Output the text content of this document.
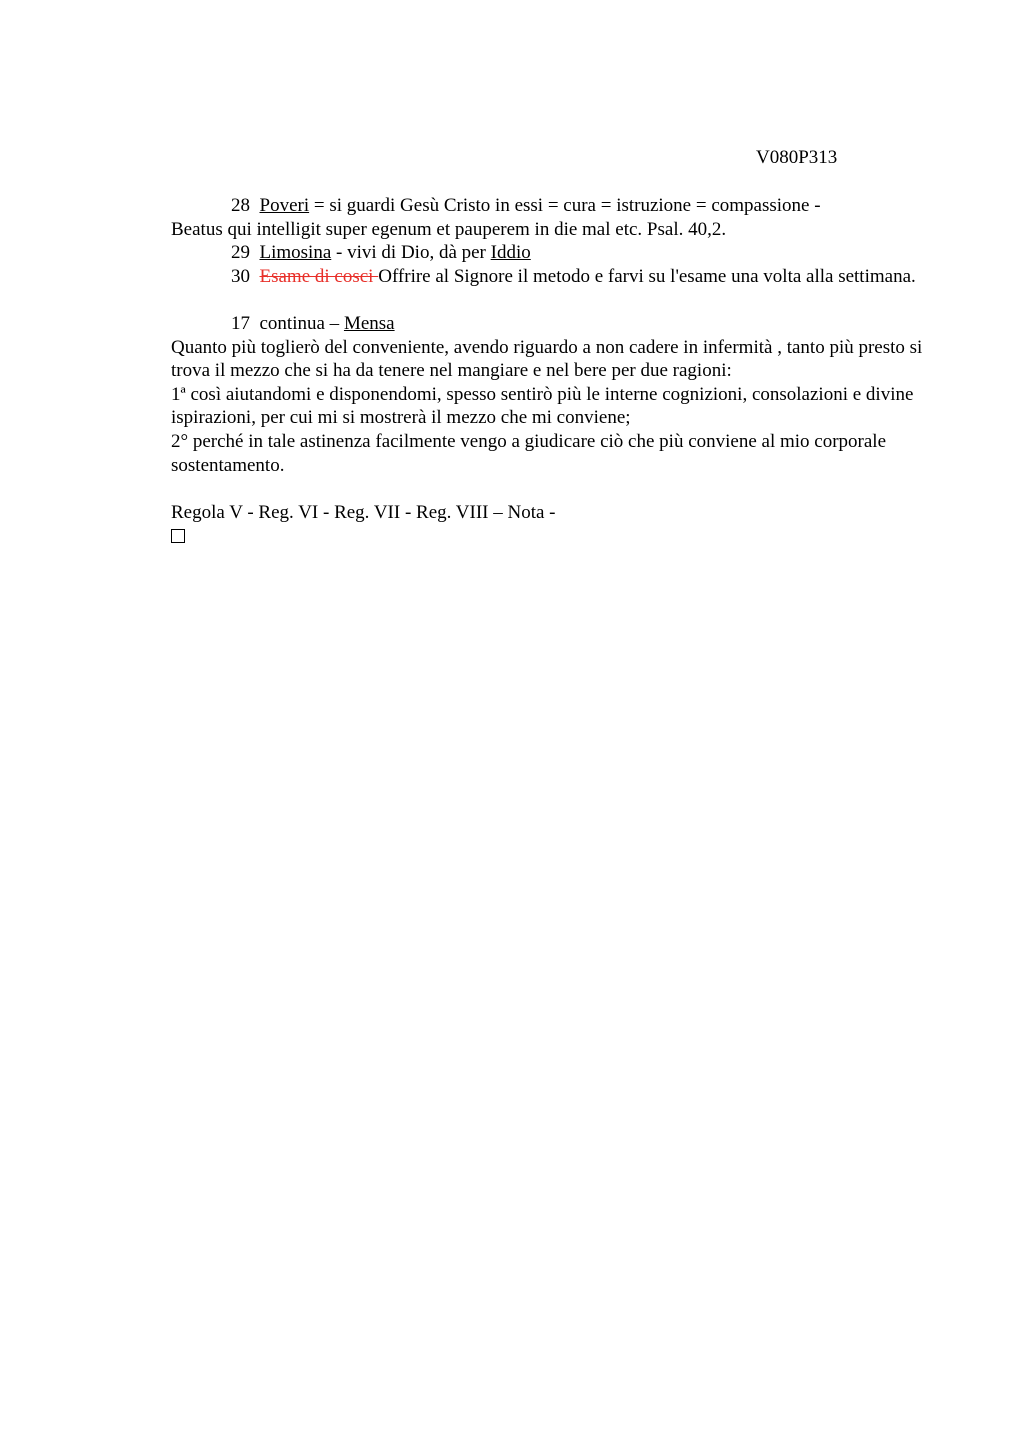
V080P313

28 Poveri = si guardi Gesù Cristo in essi = cura = istruzione = compassione -
Beatus qui intelligit super egenum et pauperem in die mal etc. Psal. 40,2.

29 Limosina - vivi di Dio, dà per Iddio

30 Esame di cosci Offrire al Signore il metodo e farvi su l'esame una volta alla settimana.

17 continua – Mensa

Quanto più toglierò del conveniente, avendo riguardo a non cadere in infermità , tanto più presto si trova il mezzo che si ha da tenere nel mangiare e nel bere per due ragioni:

1ª così aiutandomi e disponendomi, spesso sentirò più le interne cognizioni, consolazioni e divine ispirazioni, per cui mi si mostrerà il mezzo che mi conviene;

2° perché in tale astinenza facilmente vengo a giudicare ciò che più conviene al mio corporale sostentamento.

Regola V - Reg. VI - Reg. VII - Reg. VIII – Nota -
